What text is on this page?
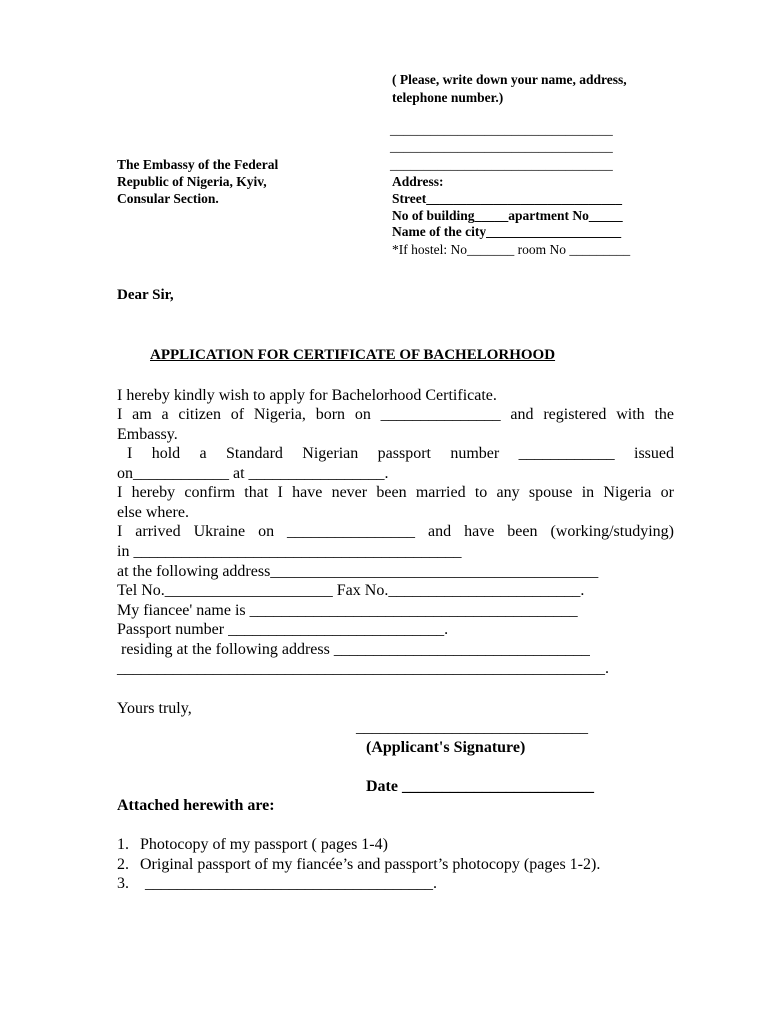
( Please, write down your name, address,
telephone number.)
_________________________________
_________________________________
_________________________________
Address:
Street_____________________________
No of building_____apartment No_____
Name of the city____________________
*If hostel: No_______ room No _________
The Embassy of the Federal
Republic of Nigeria, Kyiv,
Consular Section.
Dear Sir,
APPLICATION FOR CERTIFICATE OF BACHELORHOOD
I hereby kindly wish to apply for Bachelorhood Certificate.
I am a citizen of Nigeria, born on _______________ and registered with the
Embassy.
I hold a Standard Nigerian passport number ____________ issued
on____________ at _________________.
I hereby confirm that I have never been married to any spouse in Nigeria or
else where.
I arrived Ukraine on ________________ and have been (working/studying)
in _________________________________________
at the following address_________________________________________
Tel No._____________________ Fax No.________________________.
My fiancee' name is _________________________________________
Passport number ___________________________.
residing at the following address ________________________________
_____________________________________________________________.
Yours truly,
_____________________________
(Applicant's Signature)
Date ________________________
Attached herewith are:
1. Photocopy of my passport ( pages 1-4)
2. Original passport of my fiancée’s and passport’s photocopy (pages 1-2).
3. ____________________________________.
